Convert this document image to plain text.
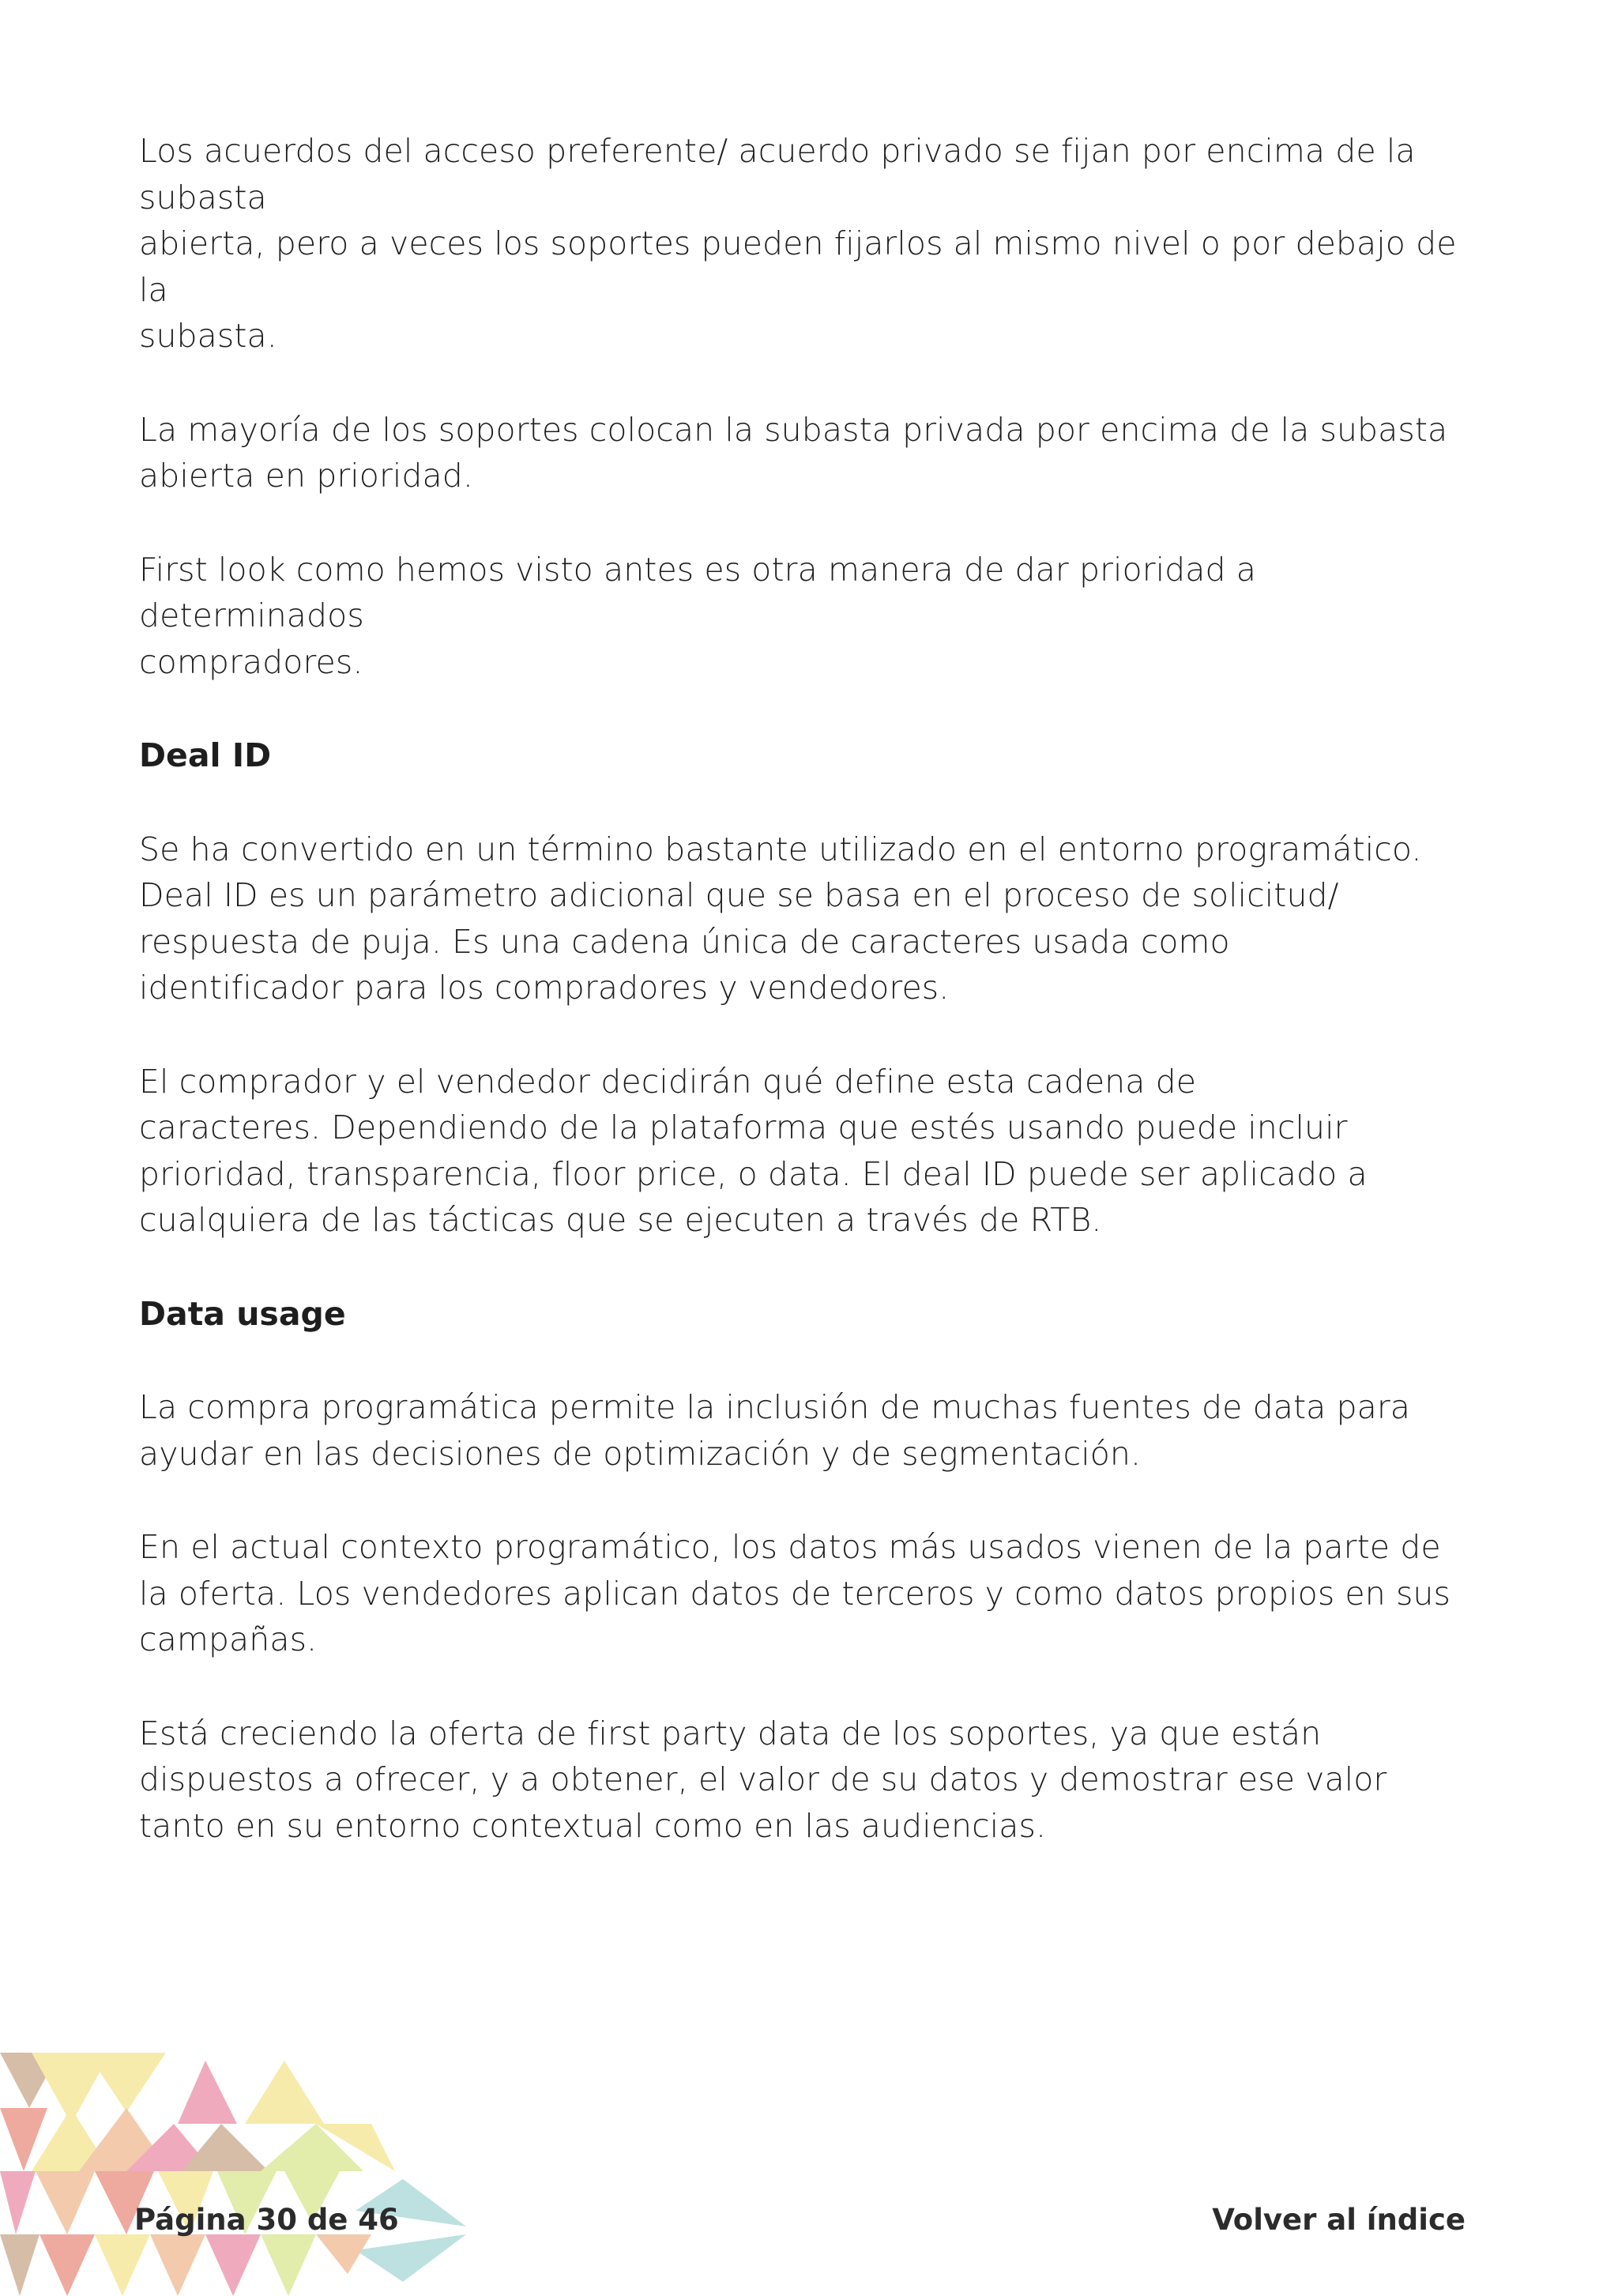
Los acuerdos del acceso preferente/ acuerdo privado se fijan por encima de la subasta
abierta, pero a veces los soportes pueden fijarlos al mismo nivel o por debajo de la
subasta.

La mayoría de los soportes colocan la subasta privada por encima de la subasta
abierta en prioridad.

First look como hemos visto antes es otra manera de dar prioridad a determinados
compradores.

Deal ID

Se ha convertido en un término bastante utilizado en el entorno programático.
Deal ID es un parámetro adicional que se basa en el proceso de solicitud/
respuesta de puja. Es una cadena única de caracteres usada como
identificador para los compradores y vendedores.

El comprador y el vendedor decidirán qué define esta cadena de
caracteres. Dependiendo de la plataforma que estés usando puede incluir
prioridad, transparencia, floor price, o data. El deal ID puede ser aplicado a
cualquiera de las tácticas que se ejecuten a través de RTB.

Data usage

La compra programática permite la inclusión de muchas fuentes de data para
ayudar en las decisiones de optimización y de segmentación.

En el actual contexto programático, los datos más usados vienen de la parte de
la oferta. Los vendedores aplican datos de terceros y como datos propios en sus
campañas.

Está creciendo la oferta de first party data de los soportes, ya que están
dispuestos a ofrecer, y a obtener, el valor de su datos y demostrar ese valor
tanto en su entorno contextual como en las audiencias.

Página 30 de 46	Volver al índice
